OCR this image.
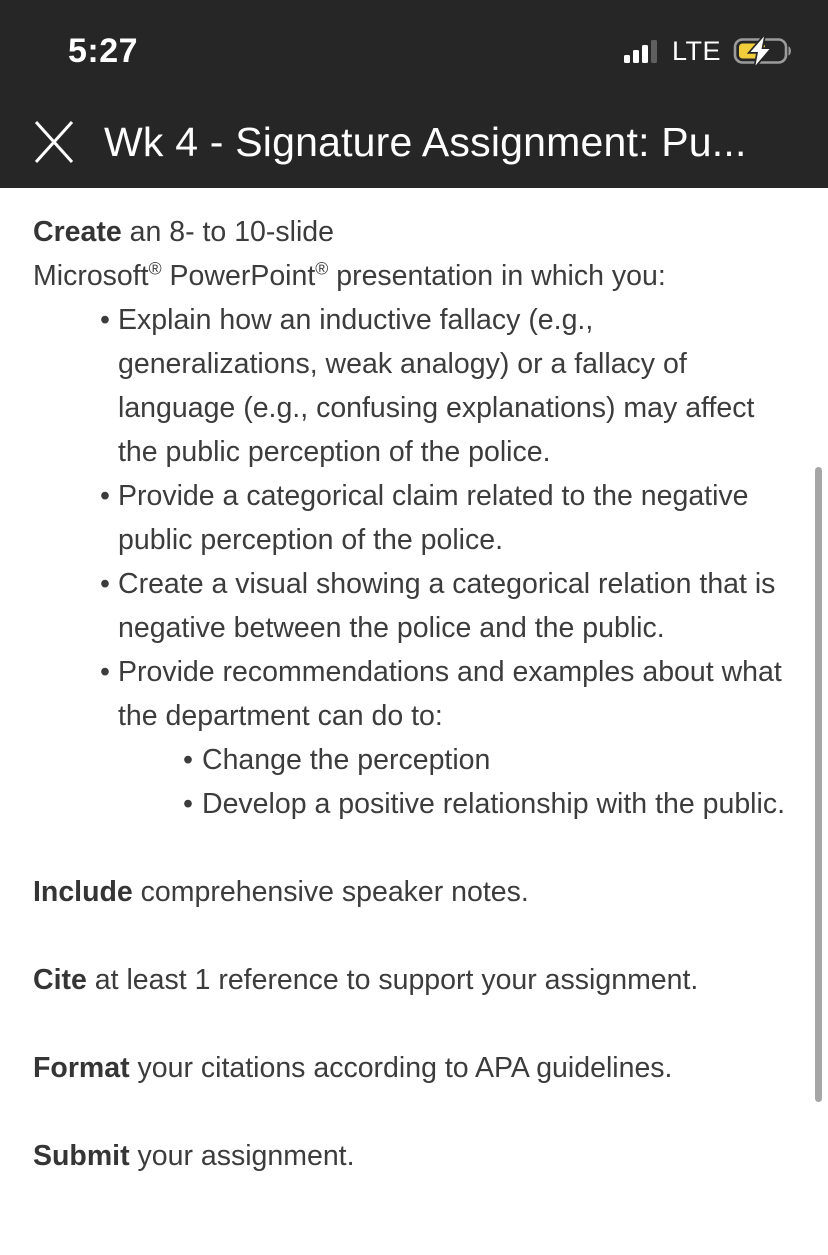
5:27	LTE
Wk 4 - Signature Assignment: Pu...

Create an 8- to 10-slide
Microsoft® PowerPoint® presentation in which you:

• Explain how an inductive fallacy (e.g., generalizations, weak analogy) or a fallacy of language (e.g., confusing explanations) may affect the public perception of the police.
• Provide a categorical claim related to the negative public perception of the police.
• Create a visual showing a categorical relation that is negative between the police and the public.
• Provide recommendations and examples about what the department can do to:
• Change the perception
• Develop a positive relationship with the public.

Include comprehensive speaker notes.

Cite at least 1 reference to support your assignment.

Format your citations according to APA guidelines.

Submit your assignment.
